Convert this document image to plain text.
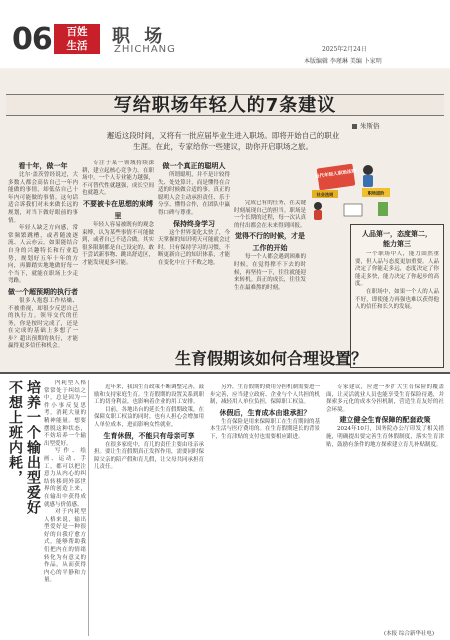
06	百姓
生活	职 场
ZHICHANG	2025年2月24日
本版编辑 李瑾琳 美编 卜家明
写给职场年轻人的7条建议
朱斯俗
邂逅这段时间，又将有一批应届毕业生进入职场。即将开始自己的职业
生涯。在此，专家给你一些建议，助你开启职场之旅。
当代年轻人职场法则
社会法则	职场进阶
看十年，做一年

比尔·盖茨曾经说过，大多数人都会高估自己一年内能做的事情，却低估自己十年内可能做的事情。这句话适合诉我们对未来做长远的规划，对当下做好眼前的事情。

年轻人缺乏方向感，常常频繁跳槽，或者随波逐流、人云亦云。如果能结合自身的兴趣特长和行业趋势，规划好五年十年的方向，再脚踏实地地做好每一个当下，就能在职场上少走弯路。

做一个超预期的执行者

很多人抱怨工作枯燥、不被重视，却很少反思自己的执行力。领导交代的任务，你是按时完成了，还是在完成的基础上多想了一步？超出预期的执行，才能赢得更多信任和机会。

专注于某一领域持续深耕，建立起核心竞争力。在职场中，一个人专业能力越强，不可替代性就越强，成长空间也就越大。

不要被卡在思想的束缚里

年轻人容易被既有的观念束缚，认为某些事情不可能做到，或者自己不适合做。其实很多限制都是自己设定的。敢于尝试新事物、跳出舒适区，才能发现更多可能。

做一个真正的聪明人

所谓聪明，并不是计较得失、处处算计，而是懂得在合适的时候做合适的事。真正的聪明人会主动承担责任、乐于分享、懂得合作，在团队中赢得口碑与尊重。

保持终身学习

这个世界变化太快了，今天掌握的知识明天可能就会过时。只有保持学习的习惯，不断更新自己的知识体系，才能在变化中立于不败之地。

完成已有的任务，在关键时刻展现自己的担当。职场是一个长期的过程，每一次认真的付出都会在未来得到回报。

觉得不行的时候，才是工作的开始

每一个人都会遇到困难的时候，在觉得撑不下去的时候，再坚持一下，往往就能迎来转机。真正的成长，往往发生在最难熬的时刻。

人品第一，态度第二，
能力第三

一个职场中人，能力固然重要，但人品与态度更加重要。人品决定了你能走多远，态度决定了你能走多快，能力决定了你起步的高度。

在职场中，如果一个人的人品不好，即使能力再强也难以获得他人的信任和长久的发展。

生育假期该如何合理设置？
不想上班内耗， 培养一个输出型爱好	内耗型人格常常处于纠结之中，总是因为一件小事反复思考，消耗大量的精神能量。想要摆脱这种状态，不妨培养一个输出型爱好。

写作、绘画、运动、手工，都可以把注意力从内心的纠结转移到外部世界的创造上来，在输出中获得成就感与价值感。

对于内耗型人格来说，输出型爱好是一种很好的自我疗愈方式，能够帮助我们把内在的情绪转化为有意义的作品，从而获得内心的平静和力量。

近年来，我国生育政策不断调整完善，鼓励和支持家庭生育。生育假期的设置关系到职工的切身利益，也影响着企业的用工安排。

目前，各地出台的延长生育假期政策，在保障女职工权益的同时，也有人担心会增加用人单位成本，进而影响女性就业。

生育休假，不能只有母亲可享

在很多家庭中，育儿的责任主要由母亲承担。要让生育假期真正发挥作用，需要同时保障父亲的陪产假和育儿假，让父母共同承担育儿责任。

另外，生育假期的费用分担机制需要进一步完善，应当建立政府、企业与个人共担的机制，减轻用人单位负担，保障职工权益。

休假后，生育成本由谁承担？

生育保险是用来保障职工在生育期间的基本生活与医疗费用的。在生育假期延长的背景下，生育津贴的支付也需要相应跟进。

专家建议，应进一步扩大生育保险的覆盖面，让灵活就业人员也能享受生育保险待遇，并探索多元化的成本分担机制，营造生育友好的社会环境。

建立健全生育保障的配套政策

2024年10月，国务院办公厅印发了相关措施，明确提出要完善生育休假制度，落实生育津贴，鼓励有条件的地方探索建立育儿补贴制度。

(本报 综合新华社电)
